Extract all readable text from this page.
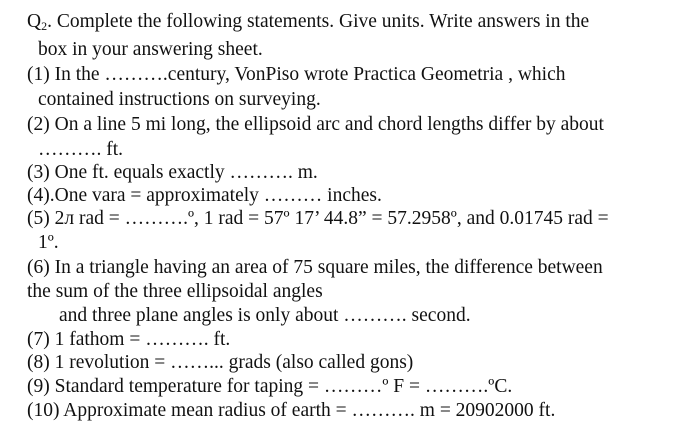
$Q_2$. Complete the following statements. Give units. Write answers in the
box in your answering sheet.
(1) In the ……….century, VonPiso wrote Practica Geometria , which
contained instructions on surveying.
(2) On a line 5 mi long, the ellipsoid arc and chord lengths differ by about
………. ft.
(3) One ft. equals exactly ………. m.
(4).One vara = approximately ……… inches.
(5) 2л rad = ……….º, 1 rad = 57º 17’ 44.8” = 57.2958º, and 0.01745 rad =
1º.
(6) In a triangle having an area of 75 square miles, the difference between
the sum of the three ellipsoidal angles
and three plane angles is only about ………. second.
(7) 1 fathom = ………. ft.
(8) 1 revolution = ……... grads (also called gons)
(9) Standard temperature for taping = ………º F = ……….ºC.
(10) Approximate mean radius of earth = ………. m = 20902000 ft.
